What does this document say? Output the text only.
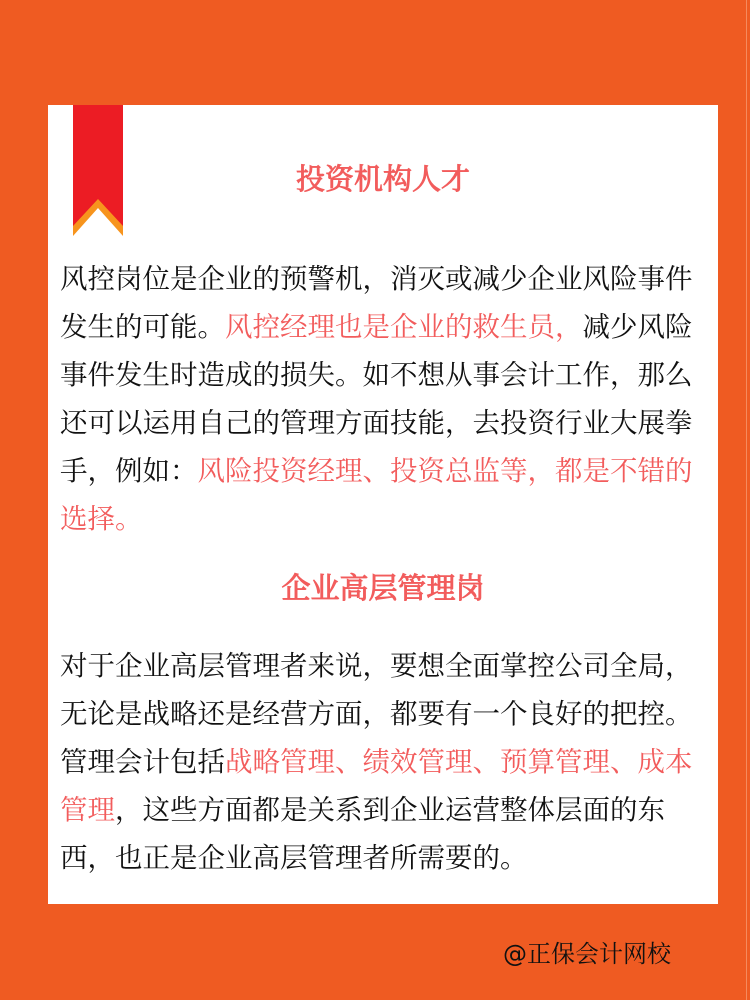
投资机构人才

风控岗位是企业的预警机，消灭或减少企业风险事件发生的可能。风控经理也是企业的救生员，减少风险事件发生时造成的损失。如不想从事会计工作，那么还可以运用自己的管理方面技能，去投资行业大展拳手，例如：风险投资经理、投资总监等，都是不错的选择。

企业高层管理岗

对于企业高层管理者来说，要想全面掌控公司全局，无论是战略还是经营方面，都要有一个良好的把控。管理会计包括战略管理、绩效管理、预算管理、成本管理，这些方面都是关系到企业运营整体层面的东西，也正是企业高层管理者所需要的。

@正保会计网校
